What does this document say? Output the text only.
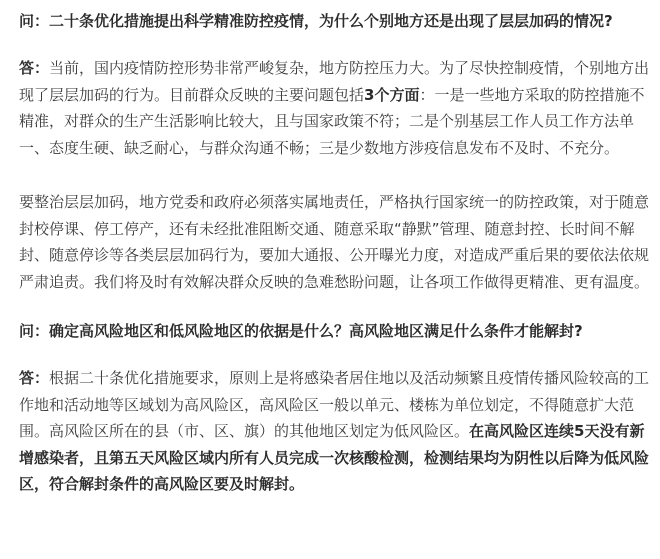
问：二十条优化措施提出科学精准防控疫情，为什么个别地方还是出现了层层加码的情况?

答：当前，国内疫情防控形势非常严峻复杂，地方防控压力大。为了尽快控制疫情，个别地方出现了层层加码的行为。目前群众反映的主要问题包括3个方面：一是一些地方采取的防控措施不精准，对群众的生产生活影响比较大，且与国家政策不符；二是个别基层工作人员工作方法单一、态度生硬、缺乏耐心，与群众沟通不畅；三是少数地方涉疫信息发布不及时、不充分。

要整治层层加码，地方党委和政府必须落实属地责任，严格执行国家统一的防控政策，对于随意封校停课、停工停产，还有未经批准阻断交通、随意采取“静默”管理、随意封控、长时间不解封、随意停诊等各类层层加码行为，要加大通报、公开曝光力度，对造成严重后果的要依法依规严肃追责。我们将及时有效解决群众反映的急难愁盼问题，让各项工作做得更精准、更有温度。

问：确定高风险地区和低风险地区的依据是什么？高风险地区满足什么条件才能解封?

答：根据二十条优化措施要求，原则上是将感染者居住地以及活动频繁且疫情传播风险较高的工作地和活动地等区域划为高风险区，高风险区一般以单元、楼栋为单位划定，不得随意扩大范围。高风险区所在的县（市、区、旗）的其他地区划定为低风险区。在高风险区连续5天没有新增感染者，且第五天风险区域内所有人员完成一次核酸检测，检测结果均为阴性以后降为低风险区，符合解封条件的高风险区要及时解封。
